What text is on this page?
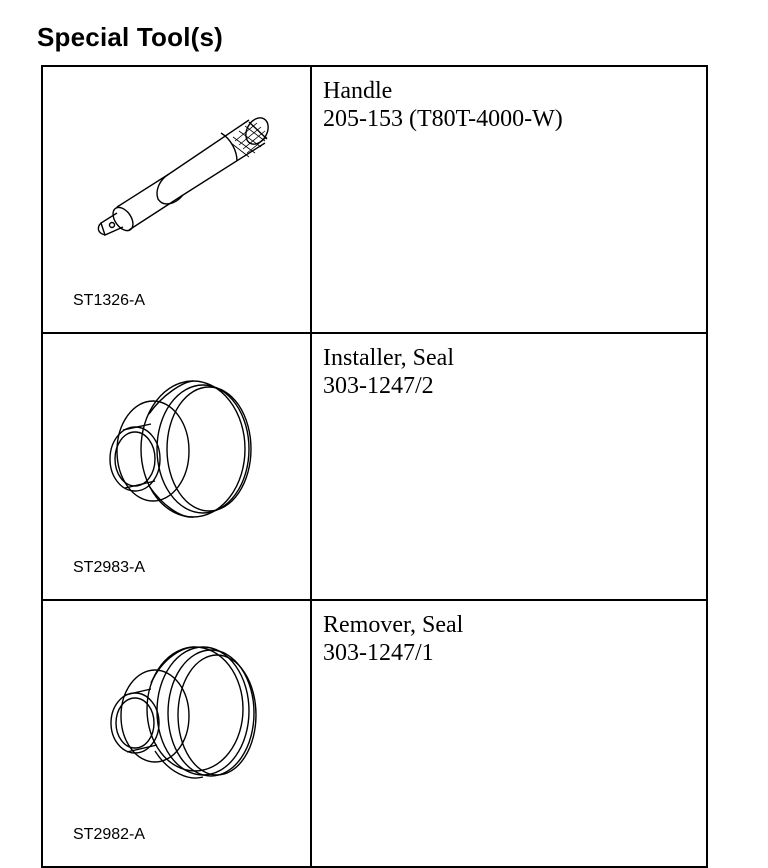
Special Tool(s)
ST1326-A	Handle
205-153 (T80T-4000-W)

ST2983-A	Installer, Seal
303-1247/2

ST2982-A	Remover, Seal
303-1247/1
